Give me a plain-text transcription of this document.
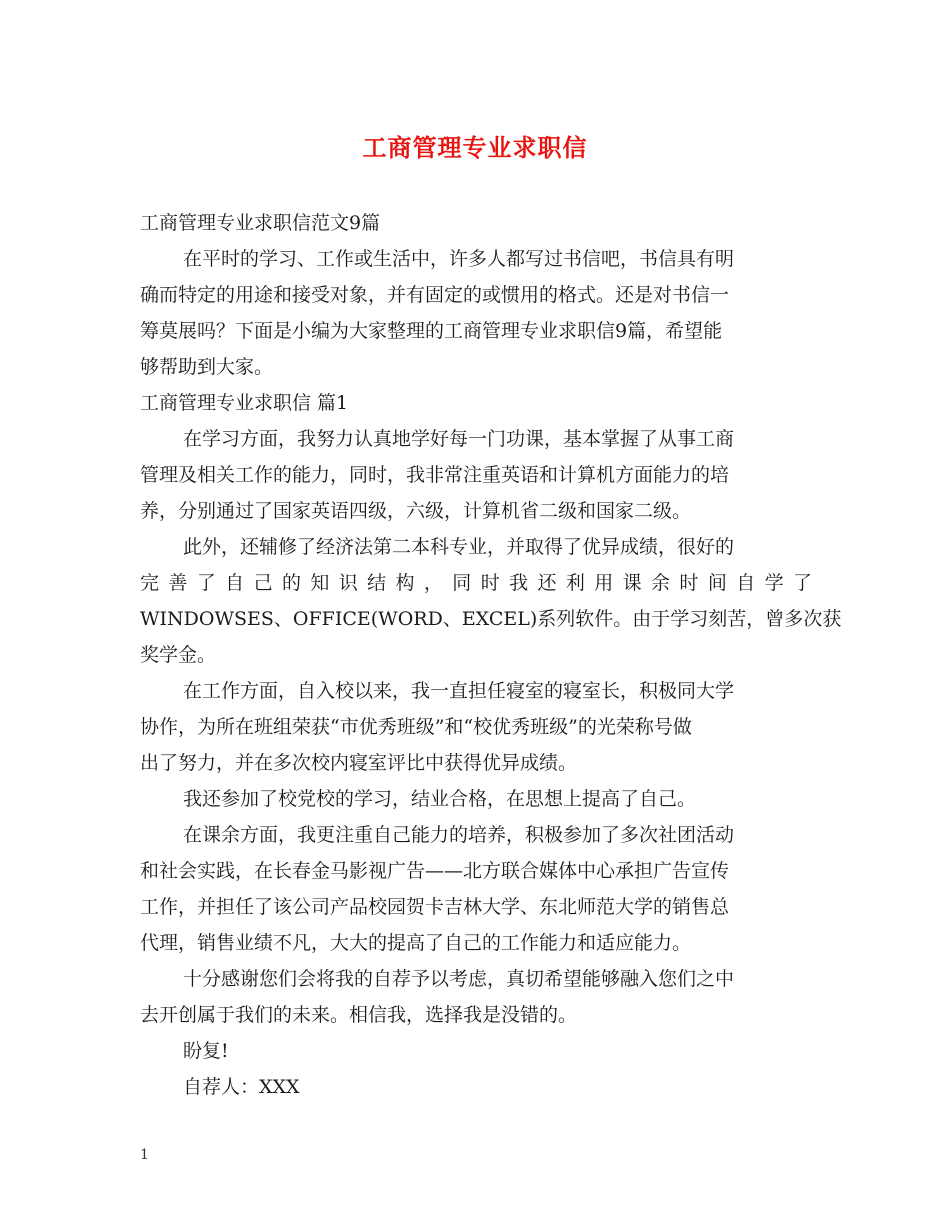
工商管理专业求职信
工商管理专业求职信范文9篇
在平时的学习、工作或生活中，许多人都写过书信吧，书信具有明
确而特定的用途和接受对象，并有固定的或惯用的格式。还是对书信一
筹莫展吗？下面是小编为大家整理的工商管理专业求职信9篇，希望能
够帮助到大家。
工商管理专业求职信 篇1
在学习方面，我努力认真地学好每一门功课，基本掌握了从事工商
管理及相关工作的能力，同时，我非常注重英语和计算机方面能力的培
养，分别通过了国家英语四级，六级，计算机省二级和国家二级。
此外，还辅修了经济法第二本科专业，并取得了优异成绩，很好的
完 善 了 自 己 的 知 识 结 构 ， 同 时 我 还 利 用 课 余 时 间 自 学 了
WINDOWSES、OFFICE(WORD、EXCEL)系列软件。由于学习刻苦，曾多次获
奖学金。
在工作方面，自入校以来，我一直担任寝室的寝室长，积极同大学
协作，为所在班组荣获“市优秀班级”和“校优秀班级”的光荣称号做
出了努力，并在多次校内寝室评比中获得优异成绩。
我还参加了校党校的学习，结业合格，在思想上提高了自己。
在课余方面，我更注重自己能力的培养，积极参加了多次社团活动
和社会实践，在长春金马影视广告——北方联合媒体中心承担广告宣传
工作，并担任了该公司产品校园贺卡吉林大学、东北师范大学的销售总
代理，销售业绩不凡，大大的提高了自己的工作能力和适应能力。
十分感谢您们会将我的自荐予以考虑，真切希望能够融入您们之中
去开创属于我们的未来。相信我，选择我是没错的。
盼复!
自荐人：XXX
1
